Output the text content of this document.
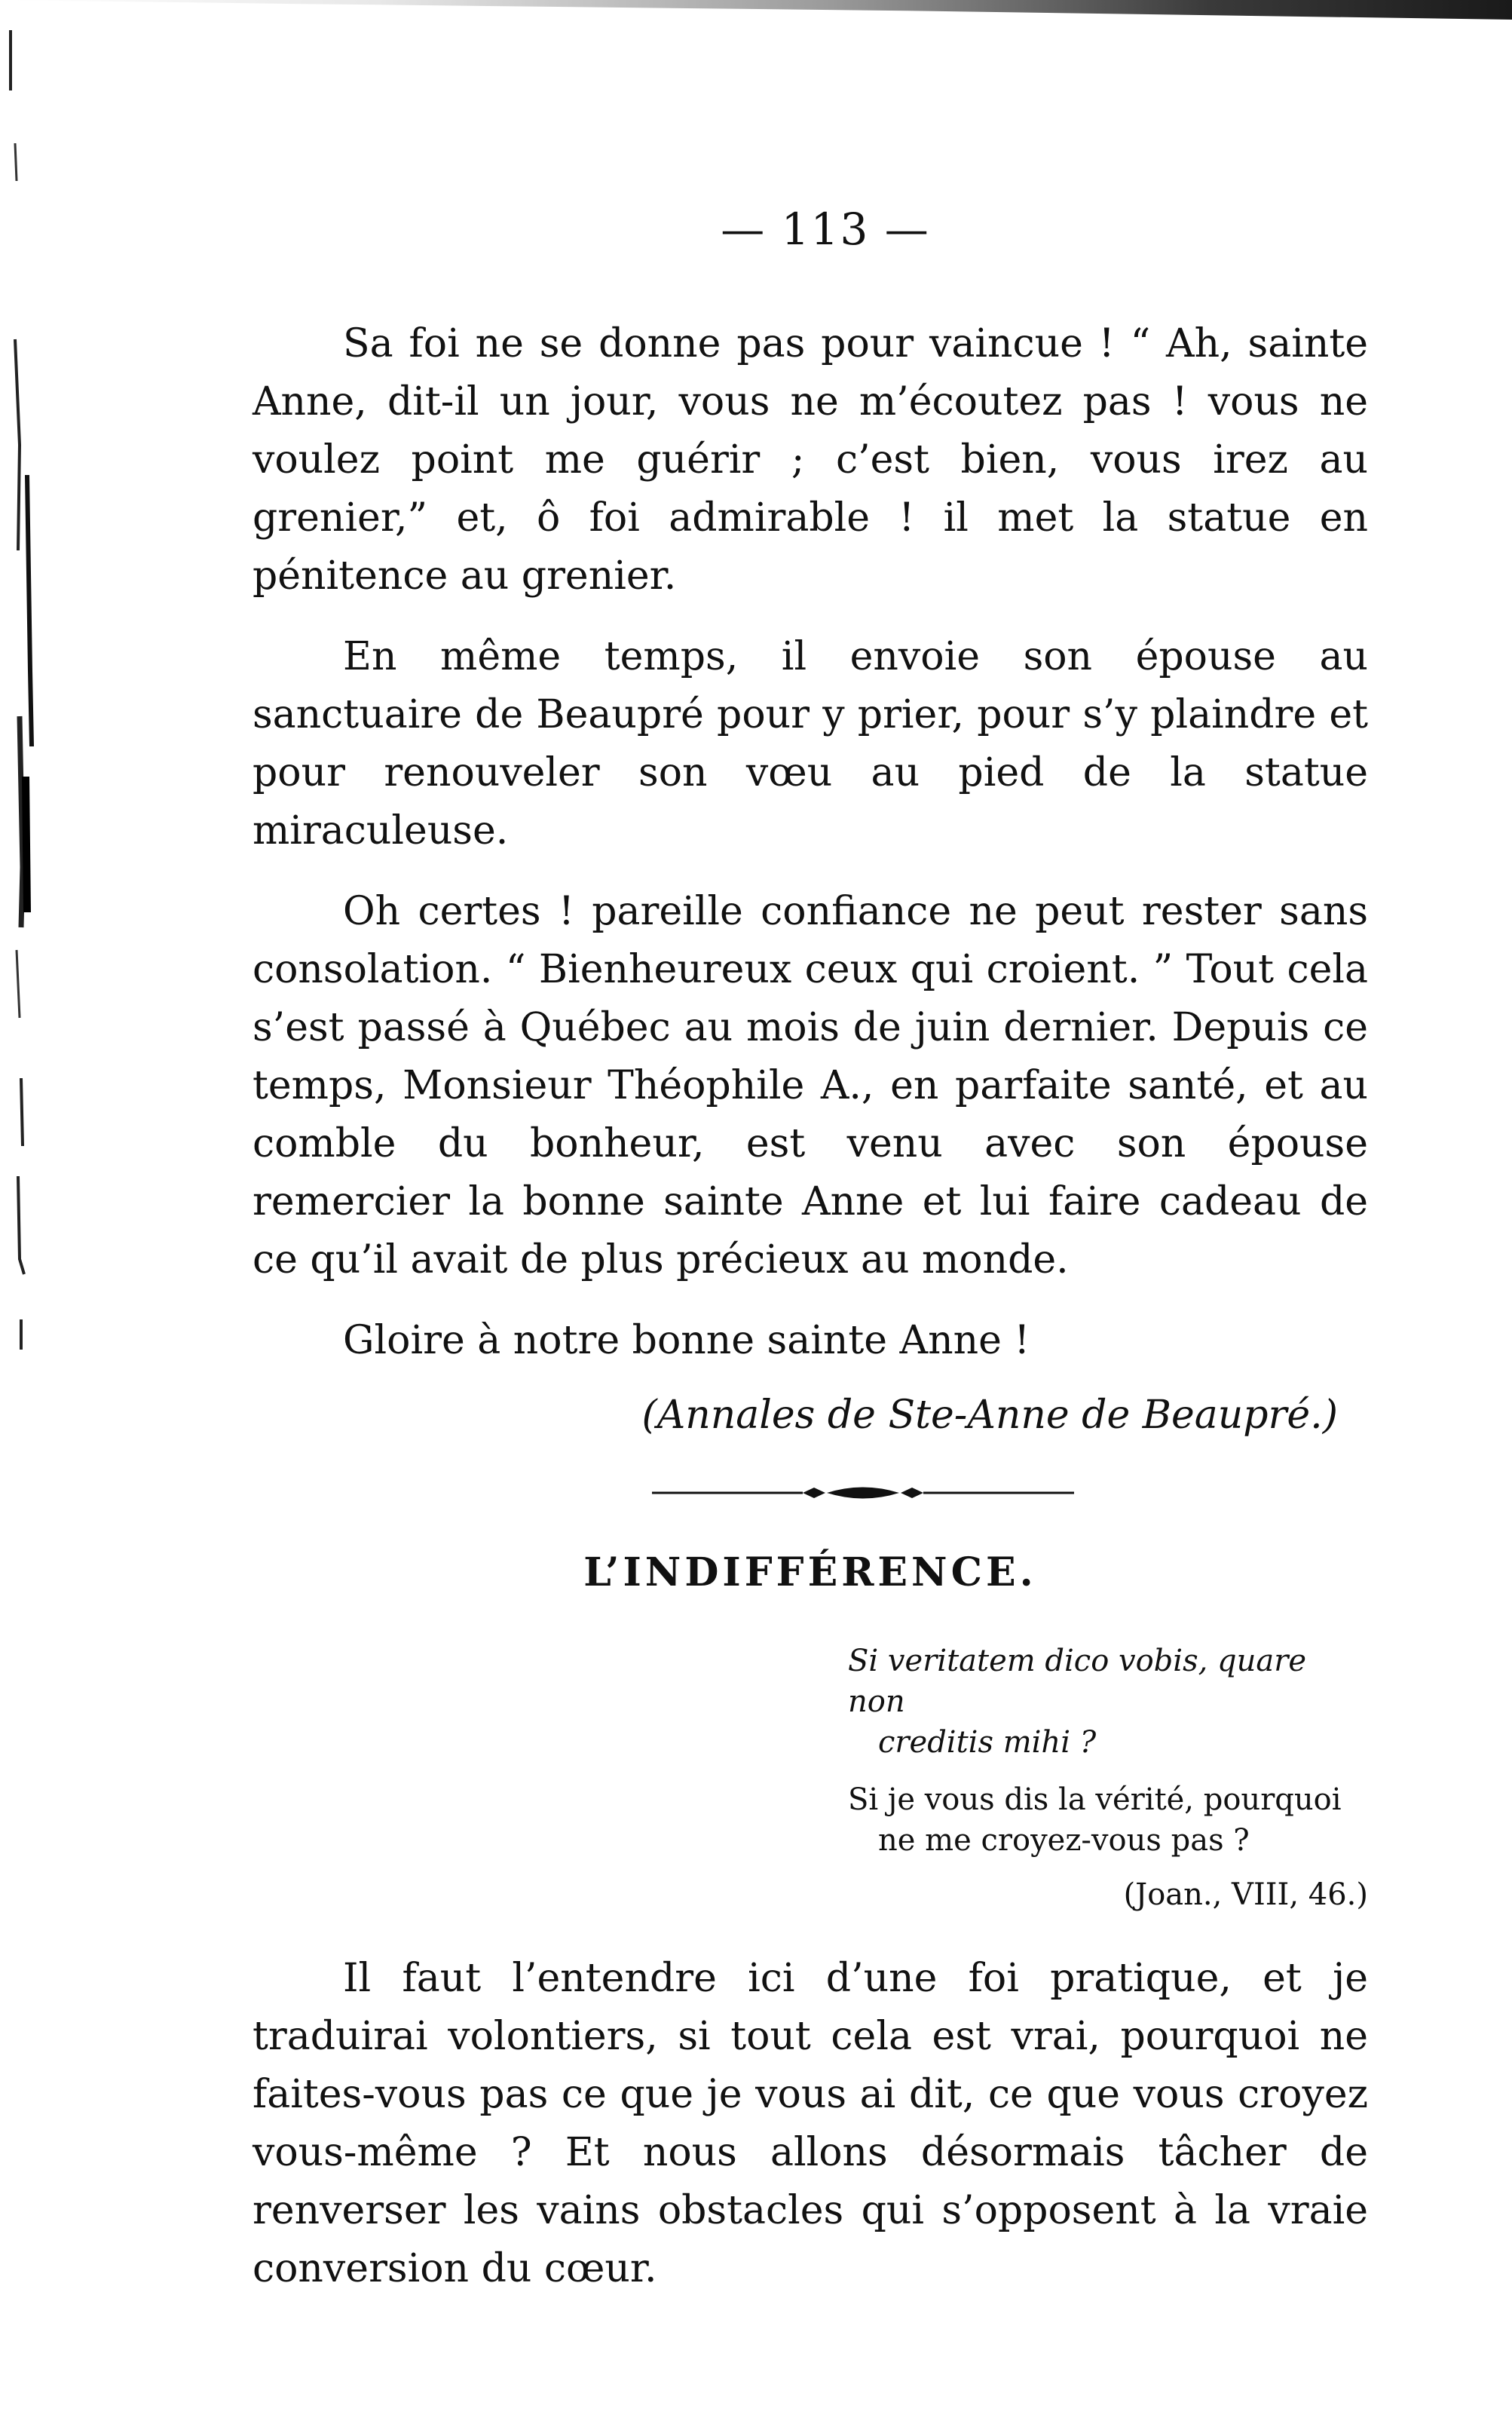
— 113 —

Sa foi ne se donne pas pour vaincue ! “ Ah, sainte Anne, dit-il un jour, vous ne m’écoutez pas ! vous ne voulez point me guérir ; c’est bien, vous irez au grenier,” et, ô foi admirable ! il met la statue en pénitence au grenier.

En même temps, il envoie son épouse au sanctuaire de Beaupré pour y prier, pour s’y plaindre et pour renouveler son vœu au pied de la statue miraculeuse.

Oh certes ! pareille confiance ne peut rester sans consolation. “ Bienheureux ceux qui croient. ” Tout cela s’est passé à Québec au mois de juin dernier. Depuis ce temps, Monsieur Théophile A., en parfaite santé, et au comble du bonheur, est venu avec son épouse remercier la bonne sainte Anne et lui faire cadeau de ce qu’il avait de plus précieux au monde.

Gloire à notre bonne sainte Anne !

(Annales de Ste-Anne de Beaupré.)
L’INDIFFÉRENCE.
Si veritatem dico vobis, quare non
creditis mihi ?
Si je vous dis la vérité, pourquoi
ne me croyez-vous pas ?
(Joan., VIII, 46.)

Il faut l’entendre ici d’une foi pratique, et je traduirai volontiers, si tout cela est vrai, pourquoi ne faites-vous pas ce que je vous ai dit, ce que vous croyez vous-même ? Et nous allons désormais tâcher de renverser les vains obstacles qui s’opposent à la vraie conversion du cœur.
